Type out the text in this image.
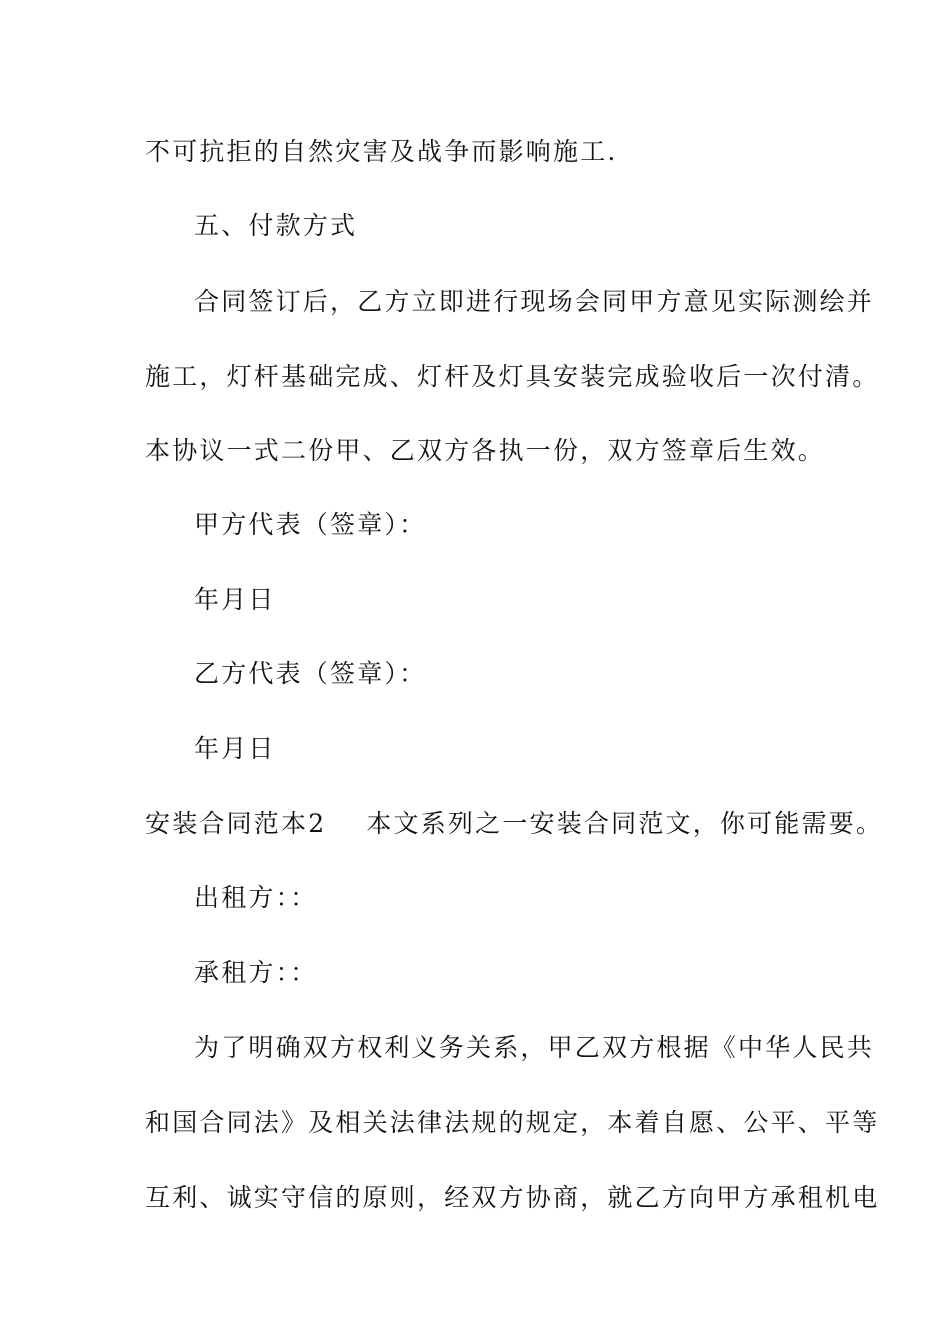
不可抗拒的自然灾害及战争而影响施工.
五、付款方式
合同签订后，乙方立即进行现场会同甲方意见实际测绘并
施工，灯杆基础完成、灯杆及灯具安装完成验收后一次付清。
本协议一式二份甲、乙双方各执一份，双方签章后生效。
甲方代表（签章）：
年月日
乙方代表（签章）：
年月日
安装合同范本2 本文系列之一安装合同范文，你可能需要。
出租方：：
承租方：：
为了明确双方权利义务关系，甲乙双方根据《中华人民共
和国合同法》及相关法律法规的规定，本着自愿、公平、平等
互利、诚实守信的原则，经双方协商，就乙方向甲方承租机电
